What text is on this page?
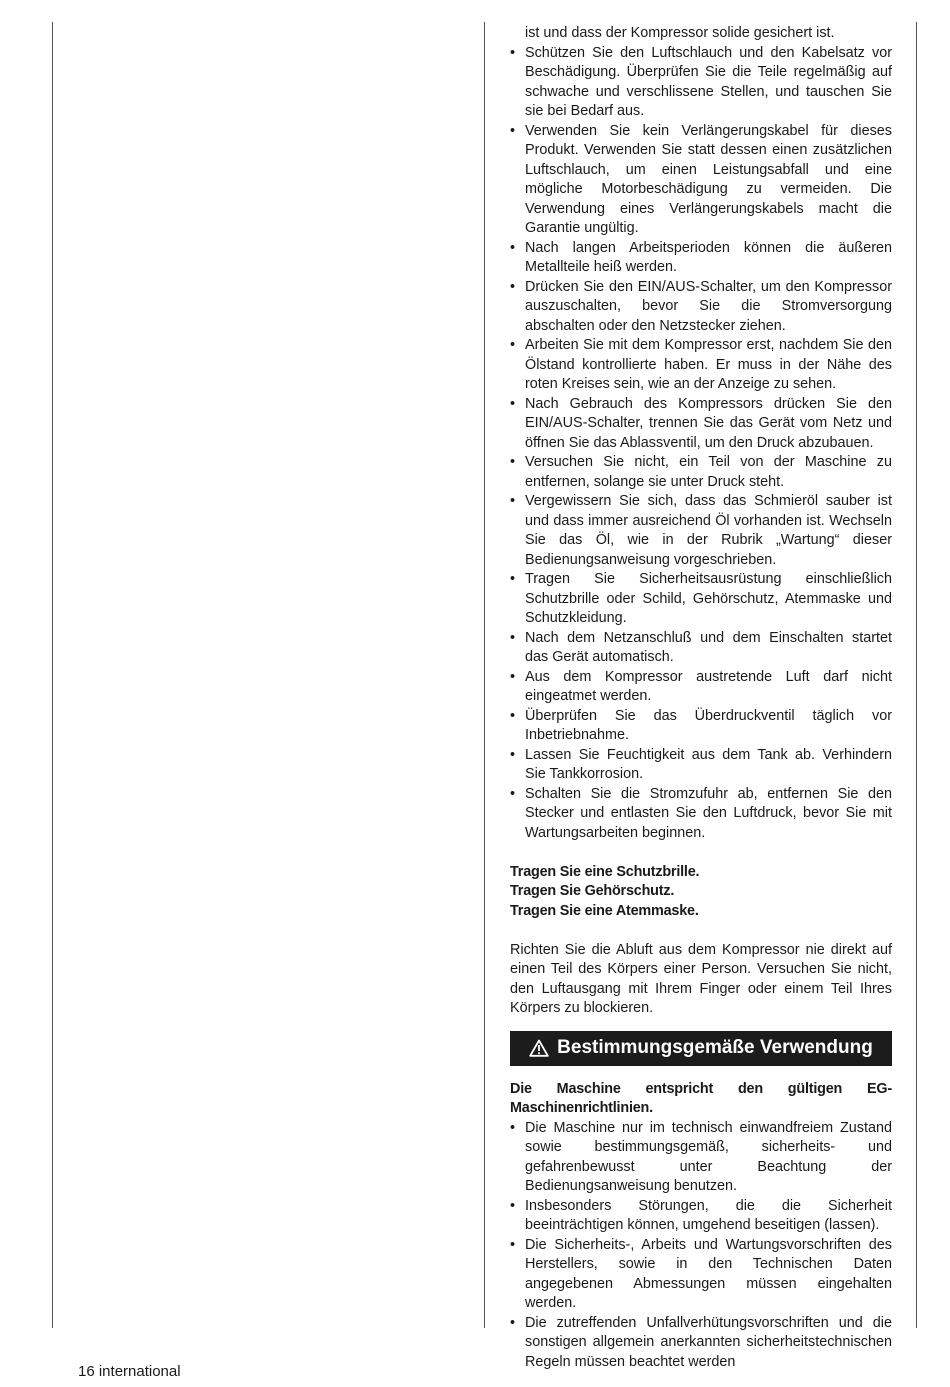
ist und dass der Kompressor solide gesichert ist.
• Schützen Sie den Luftschlauch und den Kabelsatz vor Beschädigung. Überprüfen Sie die Teile regelmäßig auf schwache und verschlissene Stellen, und tauschen Sie sie bei Bedarf aus.
• Verwenden Sie kein Verlängerungskabel für dieses Produkt. Verwenden Sie statt dessen einen zusätzlichen Luftschlauch, um einen Leistungsabfall und eine mögliche Motorbeschädigung zu vermeiden. Die Verwendung eines Verlängerungskabels macht die Garantie ungültig.
• Nach langen Arbeitsperioden können die äußeren Metallteile heiß werden.
• Drücken Sie den EIN/AUS-Schalter, um den Kompressor auszuschalten, bevor Sie die Stromversorgung abschalten oder den Netzstecker ziehen.
• Arbeiten Sie mit dem Kompressor erst, nachdem Sie den Ölstand kontrollierte haben. Er muss in der Nähe des roten Kreises sein, wie an der Anzeige zu sehen.
• Nach Gebrauch des Kompressors drücken Sie den EIN/AUS-Schalter, trennen Sie das Gerät vom Netz und öffnen Sie das Ablassventil, um den Druck abzubauen.
• Versuchen Sie nicht, ein Teil von der Maschine zu entfernen, solange sie unter Druck steht.
• Vergewissern Sie sich, dass das Schmieröl sauber ist und dass immer ausreichend Öl vorhanden ist. Wechseln Sie das Öl, wie in der Rubrik „Wartung“ dieser Bedienungsanweisung vorgeschrieben.
• Tragen Sie Sicherheitsausrüstung einschließlich Schutzbrille oder Schild, Gehörschutz, Atemmaske und Schutzkleidung.
• Nach dem Netzanschluß und dem Einschalten startet das Gerät automatisch.
• Aus dem Kompressor austretende Luft darf nicht eingeatmet werden.
• Überprüfen Sie das Überdruckventil täglich vor Inbetriebnahme.
• Lassen Sie Feuchtigkeit aus dem Tank ab. Verhindern Sie Tankkorrosion.
• Schalten Sie die Stromzufuhr ab, entfernen Sie den Stecker und entlasten Sie den Luftdruck, bevor Sie mit Wartungsarbeiten beginnen.
Tragen Sie eine Schutzbrille.
Tragen Sie Gehörschutz.
Tragen Sie eine Atemmaske.

Richten Sie die Abluft aus dem Kompressor nie direkt auf einen Teil des Körpers einer Person. Versuchen Sie nicht, den Luftausgang mit Ihrem Finger oder einem Teil Ihres Körpers zu blockieren.

Bestimmungsgemäße Verwendung

Die Maschine entspricht den gültigen EG-Maschinenrichtlinien.

• Die Maschine nur im technisch einwandfreiem Zustand sowie bestimmungsgemäß, sicherheits- und gefahrenbewusst unter Beachtung der Bedienungsanweisung benutzen.
• Insbesonders Störungen, die die Sicherheit beeinträchtigen können, umgehend beseitigen (lassen).
• Die Sicherheits-, Arbeits und Wartungsvorschriften des Herstellers, sowie in den Technischen Daten angegebenen Abmessungen müssen eingehalten werden.
• Die zutreffenden Unfallverhütungsvorschriften und die sonstigen allgemein anerkannten sicherheitstechnischen Regeln müssen beachtet werden
16 international
